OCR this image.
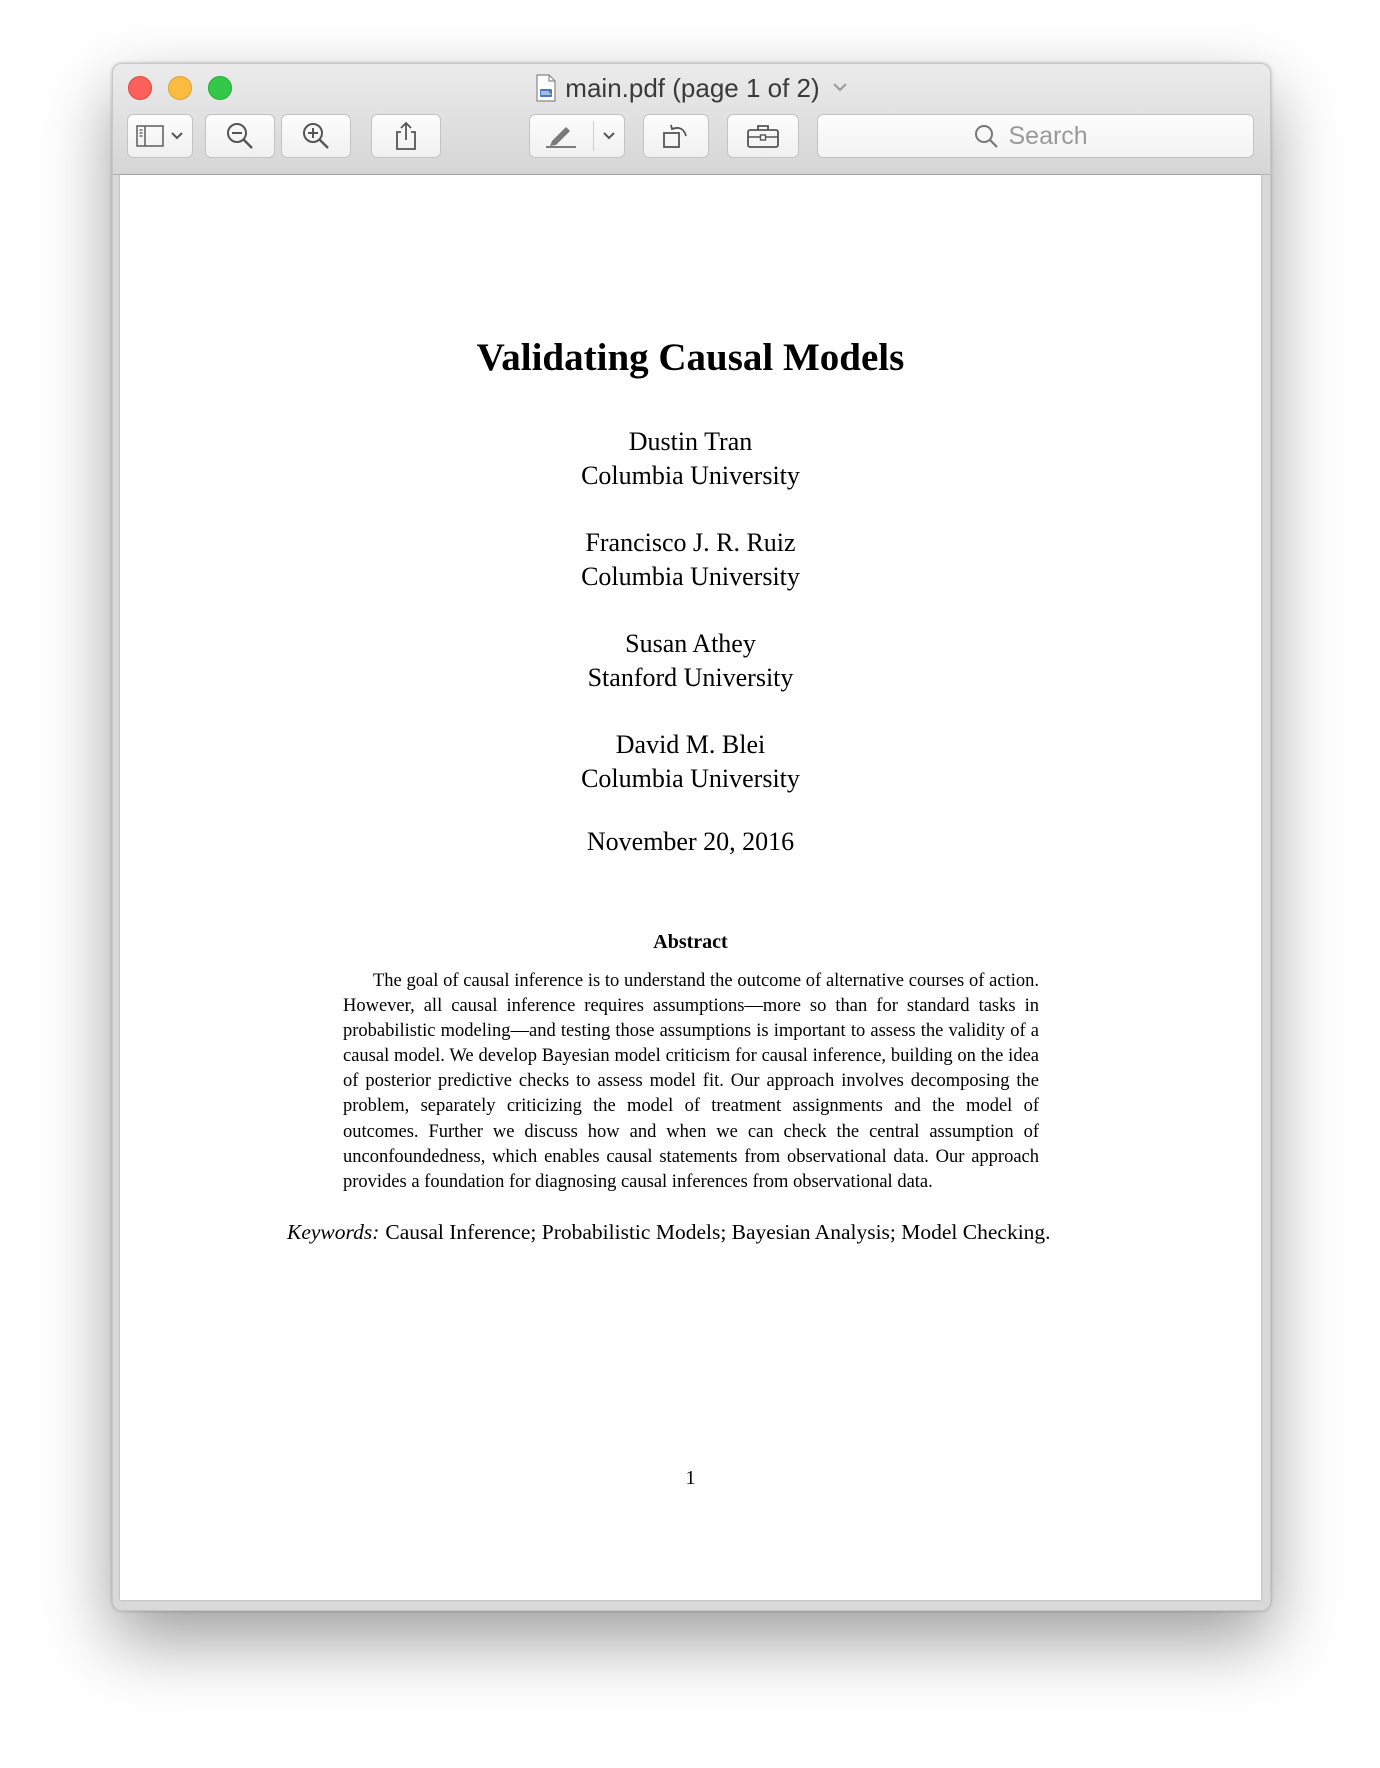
main.pdf (page 1 of 2)
Search
Validating Causal Models
Dustin Tran
Columbia University
Francisco J. R. Ruiz
Columbia University
Susan Athey
Stanford University
David M. Blei
Columbia University
November 20, 2016
Abstract
The goal of causal inference is to understand the outcome of alternative courses of action. However, all causal inference requires assumptions—more so than for standard tasks in probabilistic modeling—and testing those assumptions is important to assess the validity of a causal model. We develop Bayesian model criticism for causal inference, building on the idea of posterior predictive checks to assess model fit. Our approach involves decomposing the problem, separately criticizing the model of treatment assignments and the model of outcomes. Further we discuss how and when we can check the central assumption of unconfoundedness, which enables causal statements from observational data. Our approach provides a foundation for diagnosing causal inferences from observational data.
Keywords: Causal Inference; Probabilistic Models; Bayesian Analysis; Model Checking.
1
